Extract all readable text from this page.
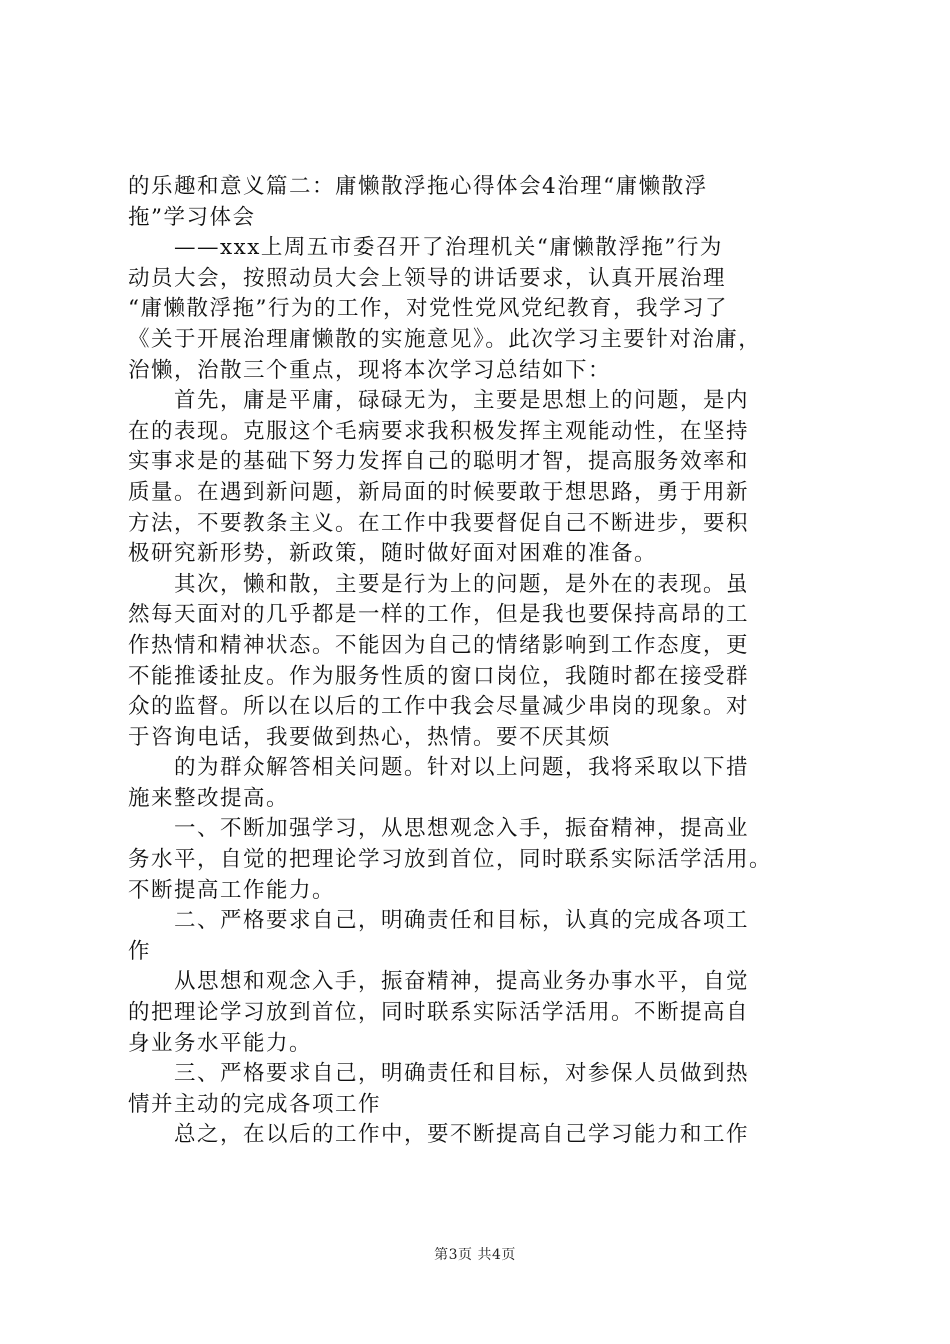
的乐趣和意义篇二：庸懒散浮拖心得体会4治理“庸懒散浮
拖”学习体会
　　——xxx上周五市委召开了治理机关“庸懒散浮拖”行为
动员大会，按照动员大会上领导的讲话要求，认真开展治理
“庸懒散浮拖”行为的工作，对党性党风党纪教育，我学习了
《关于开展治理庸懒散的实施意见》。此次学习主要针对治庸，
治懒，治散三个重点，现将本次学习总结如下：
　　首先，庸是平庸，碌碌无为，主要是思想上的问题，是内
在的表现。克服这个毛病要求我积极发挥主观能动性，在坚持
实事求是的基础下努力发挥自己的聪明才智，提高服务效率和
质量。在遇到新问题，新局面的时候要敢于想思路，勇于用新
方法，不要教条主义。在工作中我要督促自己不断进步，要积
极研究新形势，新政策，随时做好面对困难的准备。
　　其次，懒和散，主要是行为上的问题，是外在的表现。虽
然每天面对的几乎都是一样的工作，但是我也要保持高昂的工
作热情和精神状态。不能因为自己的情绪影响到工作态度，更
不能推诿扯皮。作为服务性质的窗口岗位，我随时都在接受群
众的监督。所以在以后的工作中我会尽量减少串岗的现象。对
于咨询电话，我要做到热心，热情。要不厌其烦
　　的为群众解答相关问题。针对以上问题，我将采取以下措
施来整改提高。
　　一、不断加强学习，从思想观念入手，振奋精神，提高业
务水平，自觉的把理论学习放到首位，同时联系实际活学活用。
不断提高工作能力。
　　二、严格要求自己，明确责任和目标，认真的完成各项工
作
　　从思想和观念入手，振奋精神，提高业务办事水平，自觉
的把理论学习放到首位，同时联系实际活学活用。不断提高自
身业务水平能力。
　　三、严格要求自己，明确责任和目标，对参保人员做到热
情并主动的完成各项工作
　　总之，在以后的工作中，要不断提高自己学习能力和工作
第3页 共4页
